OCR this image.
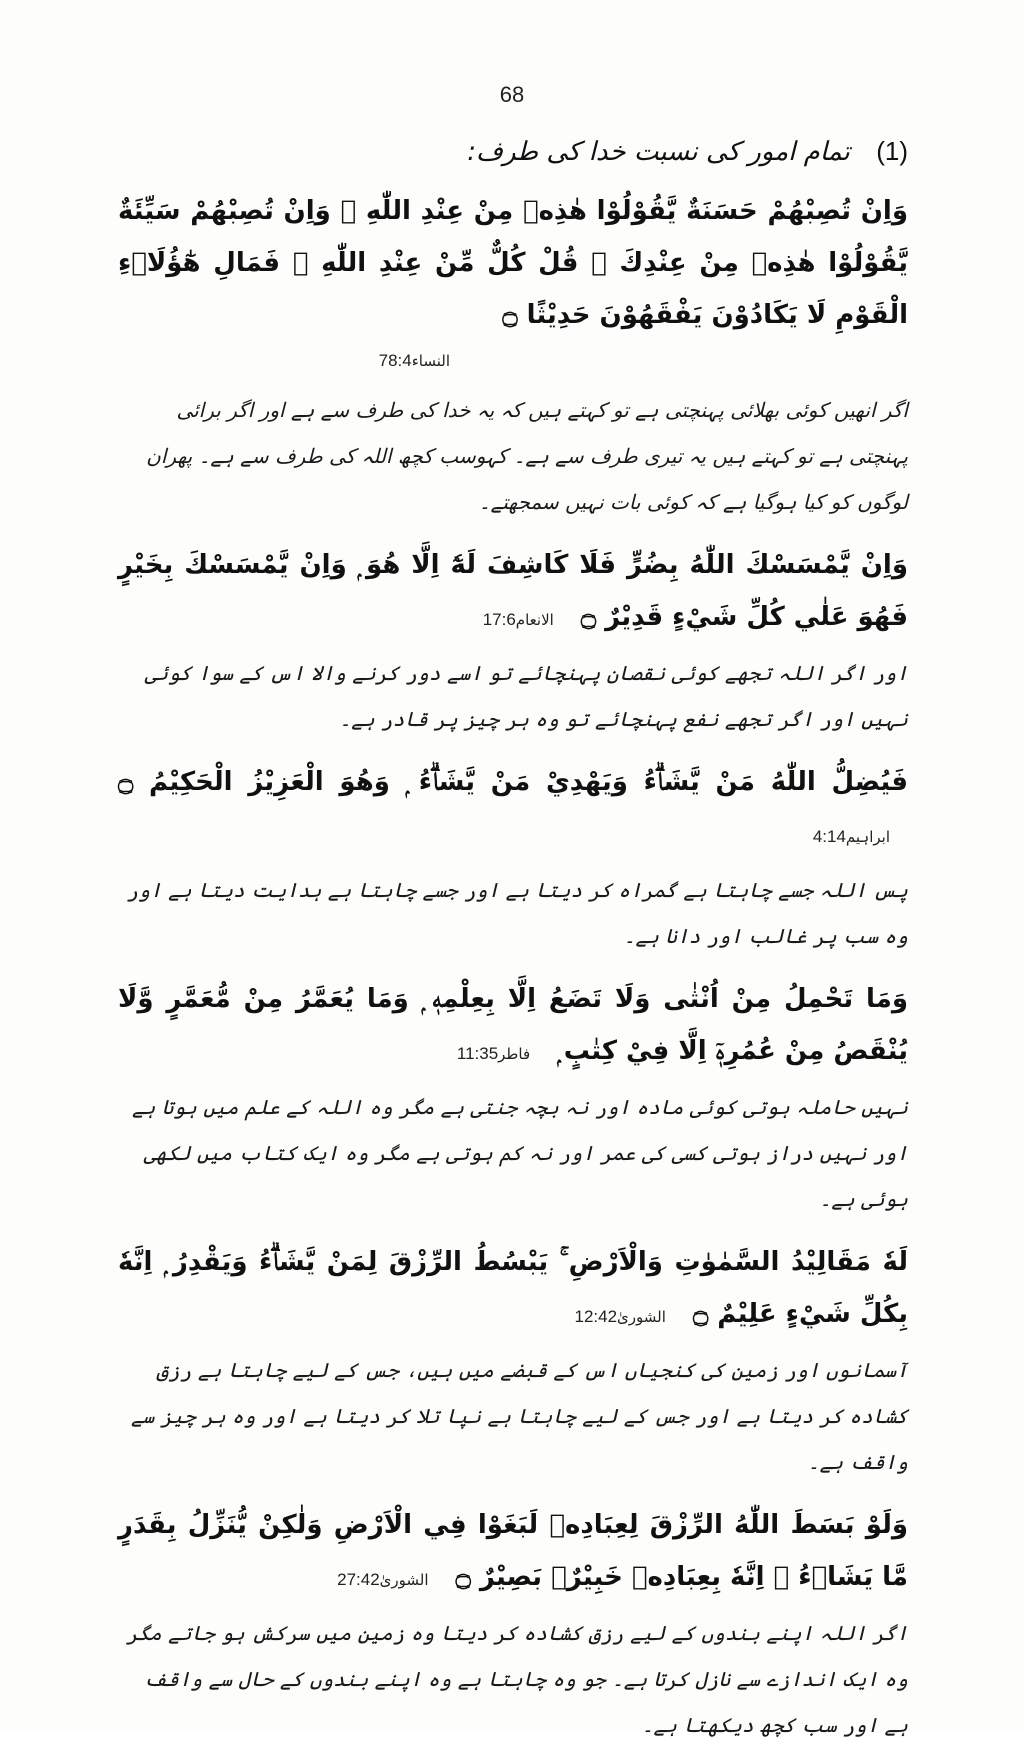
68
(1) تمام امور کی نسبت خدا کی طرف:

وَاِنْ تُصِبْهُمْ حَسَنَةٌ يَّقُوْلُوْا هٰذِهٖ مِنْ عِنْدِ اللّٰهِ ۚ وَاِنْ تُصِبْهُمْ سَيِّئَةٌ يَّقُوْلُوْا هٰذِهٖ مِنْ عِنْدِكَ ۭ قُلْ كُلٌّ مِّنْ عِنْدِ اللّٰهِ ۭ فَمَالِ هٰٓؤُلَاۗءِ الْقَوْمِ لَا يَكَادُوْنَ يَفْقَهُوْنَ حَدِيْثًا ۝

النساء78:4

اگر انھیں کوئی بھلائی پہنچتی ہے تو کہتے ہیں کہ یہ خدا کی طرف سے ہے اور اگر برائی پہنچتی ہے تو کہتے ہیں یہ تیری طرف سے ہے۔ کہوسب کچھ اللہ کی طرف سے ہے۔ پھران لوگوں کو کیا ہوگیا ہے کہ کوئی بات نہیں سمجھتے۔

وَاِنْ يَّمْسَسْكَ اللّٰهُ بِضُرٍّ فَلَا كَاشِفَ لَهٗٓ اِلَّا هُوَ ۭ وَاِنْ يَّمْسَسْكَ بِخَيْرٍ فَهُوَ عَلٰي كُلِّ شَيْءٍ قَدِيْرٌ ۝ الانعام17:6

اور اگر اللہ تجھے کوئی نقصان پہنچائے تو اسے دور کرنے والا اس کے سوا کوئی نہیں اور اگر تجھے نفع پہنچائے تو وہ ہر چیز پر قادر ہے۔

فَيُضِلُّ اللّٰهُ مَنْ يَّشَاۗءُ وَيَهْدِيْ مَنْ يَّشَاۗءُ ۭ وَهُوَ الْعَزِيْزُ الْحَكِيْمُ ۝ ابراہیم4:14

پس اللہ جسے چاہتا ہے گمراہ کر دیتا ہے اور جسے چاہتا ہے ہدایت دیتا ہے اور وہ سب پر غالب اور دانا ہے۔

وَمَا تَحْمِلُ مِنْ اُنْثٰى وَلَا تَضَعُ اِلَّا بِعِلْمِهٖ ۭ وَمَا يُعَمَّرُ مِنْ مُّعَمَّرٍ وَّلَا يُنْقَصُ مِنْ عُمُرِهٖٓ اِلَّا فِيْ كِتٰبٍ ۭ فاطر11:35

نہیں حاملہ ہوتی کوئی مادہ اور نہ بچہ جنتی ہے مگر وہ اللہ کے علم میں ہوتا ہے اور نہیں دراز ہوتی کسی کی عمر اور نہ کم ہوتی ہے مگر وہ ایک کتاب میں لکھی ہوئی ہے۔

لَهٗ مَقَالِيْدُ السَّمٰوٰتِ وَالْاَرْضِ ۚ يَبْسُطُ الرِّزْقَ لِمَنْ يَّشَاۗءُ وَيَقْدِرُ ۭ اِنَّهٗ بِكُلِّ شَيْءٍ عَلِيْمٌ ۝ الشوریٰ12:42

آسمانوں اور زمین کی کنجیاں اس کے قبضے میں ہیں، جس کے لیے چاہتا ہے رزق کشادہ کر دیتا ہے اور جس کے لیے چاہتا ہے نپا تلا کر دیتا ہے اور وہ ہر چیز سے واقف ہے۔

وَلَوْ بَسَطَ اللّٰهُ الرِّزْقَ لِعِبَادِهٖ لَبَغَوْا فِي الْاَرْضِ وَلٰكِنْ يُّنَزِّلُ بِقَدَرٍ مَّا يَشَاۗءُ ۭ اِنَّهٗ بِعِبَادِهٖ خَبِيْرٌۢ بَصِيْرٌ ۝ الشوریٰ27:42

اگر اللہ اپنے بندوں کے لیے رزق کشادہ کر دیتا وہ زمین میں سرکش ہو جاتے مگر وہ ایک اندازے سے نازل کرتا ہے۔ جو وہ چاہتا ہے وہ اپنے بندوں کے حال سے واقف ہے اور سب کچھ دیکھتا ہے۔
